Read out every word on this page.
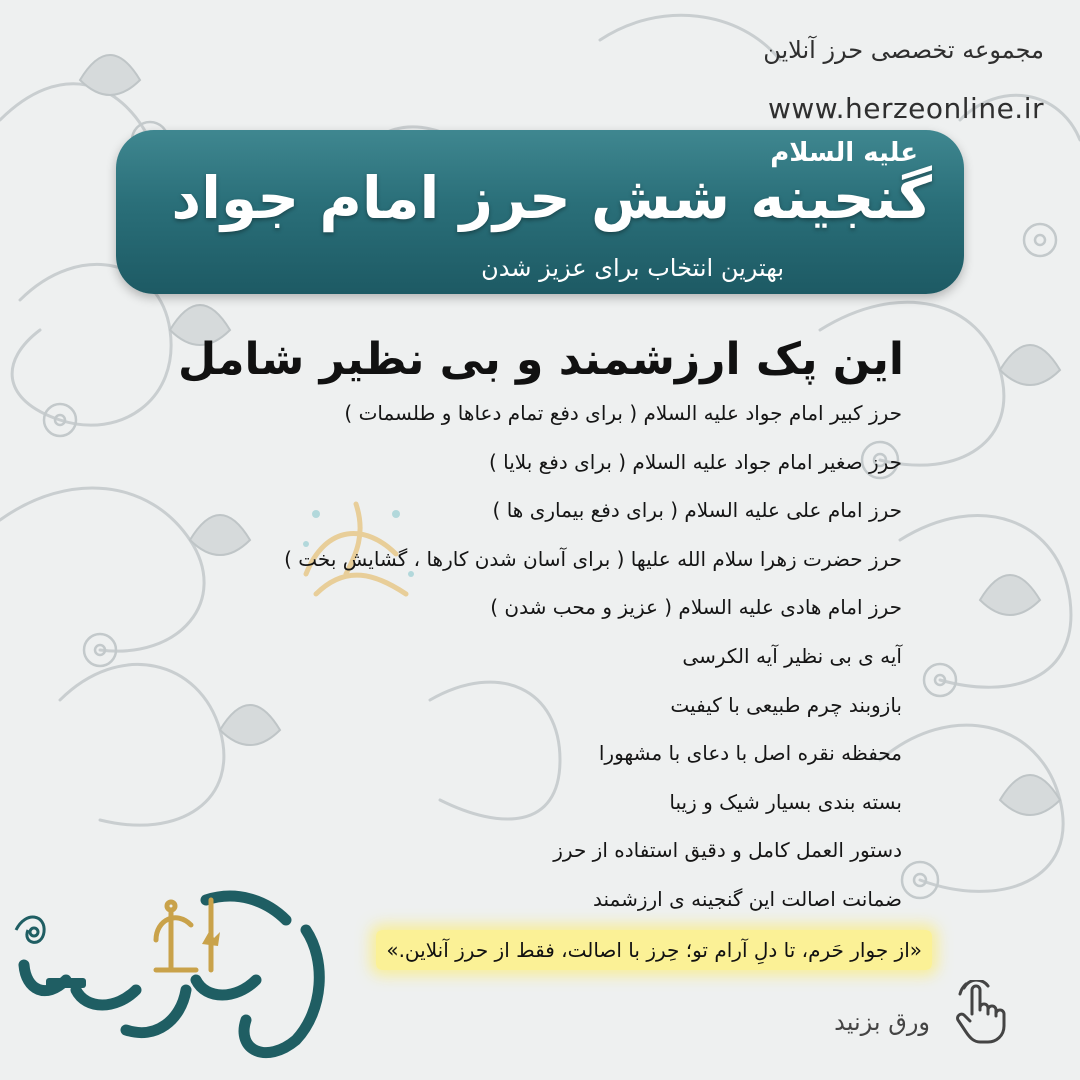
مجموعه تخصصی حرز آنلاین
www.herzeonline.ir
علیه السلام
گنجینه شش حرز امام جواد
بهترین انتخاب برای عزیز شدن
این پک ارزشمند و بی نظیر شامل
حرز کبیر امام جواد علیه السلام ( برای دفع تمام دعاها و طلسمات )
حرز صغیر امام جواد علیه السلام ( برای دفع بلایا )
حرز امام علی علیه السلام ( برای دفع بیماری ها )
حرز حضرت زهرا سلام الله علیها ( برای آسان شدن کارها ، گشایش بخت )
حرز امام هادی علیه السلام ( عزیز و محب شدن )
آیه ی بی نظیر آیه الکرسی
بازوبند چرم طبیعی با کیفیت
محفظه نقره اصل با دعای با مشهورا
بسته بندی بسیار شیک و زیبا
دستور العمل کامل و دقیق استفاده از حرز
ضمانت اصالت این گنجینه ی ارزشمند
«از جوار حَرم، تا دلِ آرام تو؛ حِرز با اصالت، فقط از حرز آنلاین.»
ورق بزنید
